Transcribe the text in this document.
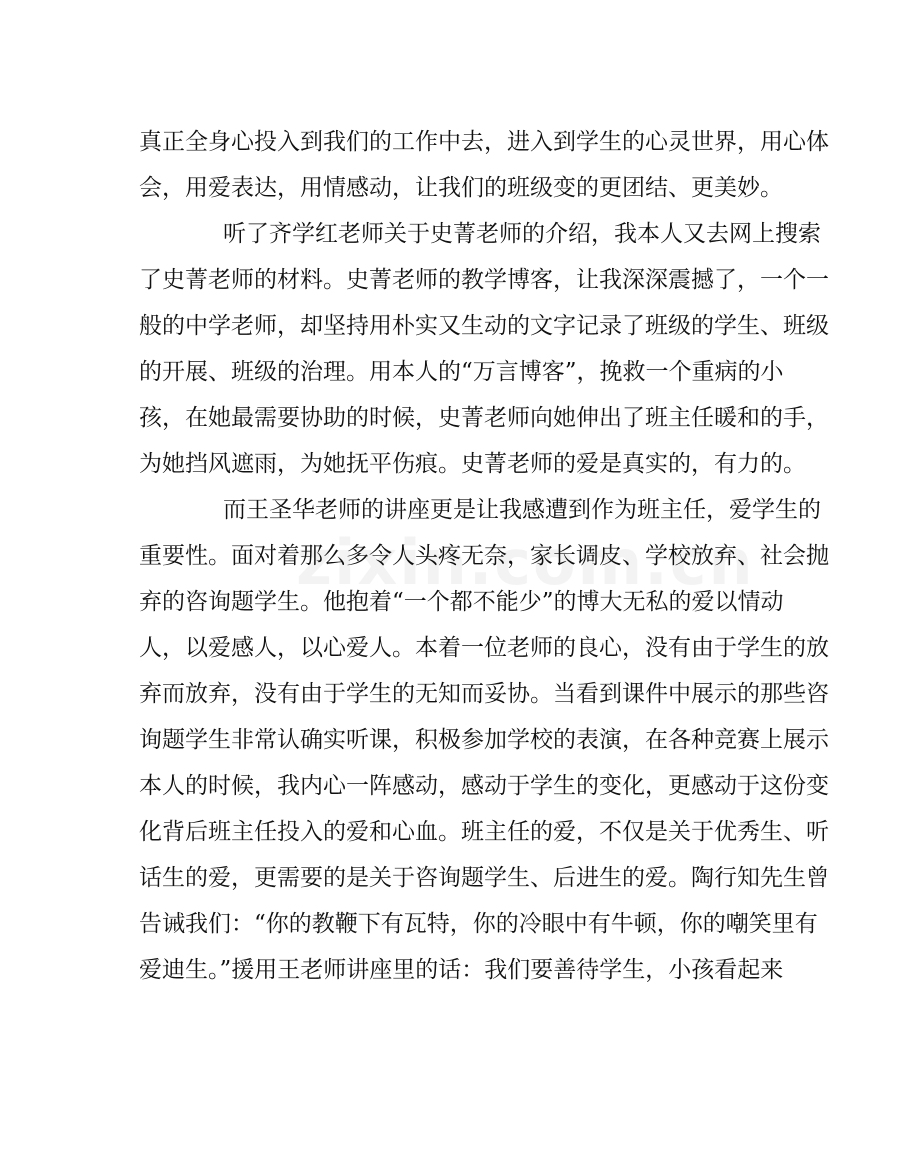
真正全身心投入到我们的工作中去，进入到学生的心灵世界，用心体
会，用爱表达，用情感动，让我们的班级变的更团结、更美妙。
听了齐学红老师关于史菁老师的介绍，我本人又去网上搜索
了史菁老师的材料。史菁老师的教学博客，让我深深震撼了，一个一
般的中学老师，却坚持用朴实又生动的文字记录了班级的学生、班级
的开展、班级的治理。用本人的“万言博客”，挽救一个重病的小
孩，在她最需要协助的时候，史菁老师向她伸出了班主任暖和的手，
为她挡风遮雨，为她抚平伤痕。史菁老师的爱是真实的，有力的。
而王圣华老师的讲座更是让我感遭到作为班主任，爱学生的
重要性。面对着那么多令人头疼无奈，家长调皮、学校放弃、社会抛
弃的咨询题学生。他抱着“一个都不能少”的博大无私的爱以情动
人，以爱感人，以心爱人。本着一位老师的良心，没有由于学生的放
弃而放弃，没有由于学生的无知而妥协。当看到课件中展示的那些咨
询题学生非常认确实听课，积极参加学校的表演，在各种竞赛上展示
本人的时候，我内心一阵感动，感动于学生的变化，更感动于这份变
化背后班主任投入的爱和心血。班主任的爱，不仅是关于优秀生、听
话生的爱，更需要的是关于咨询题学生、后进生的爱。陶行知先生曾
告诫我们：“你的教鞭下有瓦特，你的冷眼中有牛顿，你的嘲笑里有
爱迪生。”援用王老师讲座里的话：我们要善待学生，小孩看起来
